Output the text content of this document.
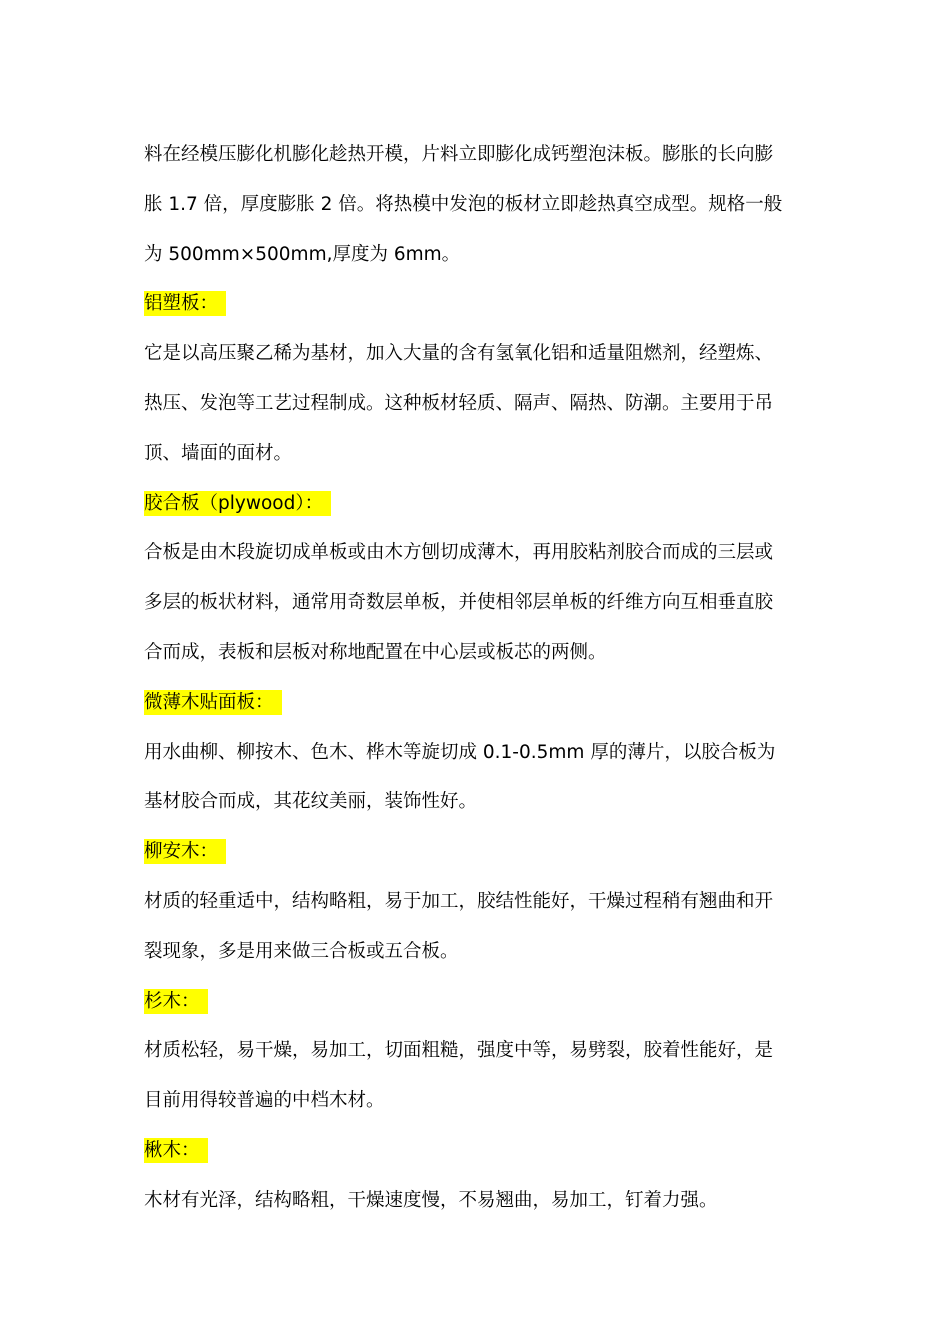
料在经模压膨化机膨化趁热开模，片料立即膨化成钙塑泡沫板。膨胀的长向膨
胀 1.7 倍，厚度膨胀 2 倍。将热模中发泡的板材立即趁热真空成型。规格一般
为 500mm×500mm,厚度为 6mm。
铝塑板：
它是以高压聚乙稀为基材，加入大量的含有氢氧化铝和适量阻燃剂，经塑炼、
热压、发泡等工艺过程制成。这种板材轻质、隔声、隔热、防潮。主要用于吊
顶、墙面的面材。
胶合板（plywood）：
合板是由木段旋切成单板或由木方刨切成薄木，再用胶粘剂胶合而成的三层或
多层的板状材料，通常用奇数层单板，并使相邻层单板的纤维方向互相垂直胶
合而成，表板和层板对称地配置在中心层或板芯的两侧。
微薄木贴面板：
用水曲柳、柳按木、色木、桦木等旋切成 0.1-0.5mm 厚的薄片，以胶合板为
基材胶合而成，其花纹美丽，装饰性好。
柳安木：
材质的轻重适中，结构略粗，易于加工，胶结性能好，干燥过程稍有翘曲和开
裂现象，多是用来做三合板或五合板。
杉木：
材质松轻，易干燥，易加工，切面粗糙，强度中等，易劈裂，胶着性能好，是
目前用得较普遍的中档木材。
楸木：
木材有光泽，结构略粗，干燥速度慢，不易翘曲，易加工，钉着力强。
